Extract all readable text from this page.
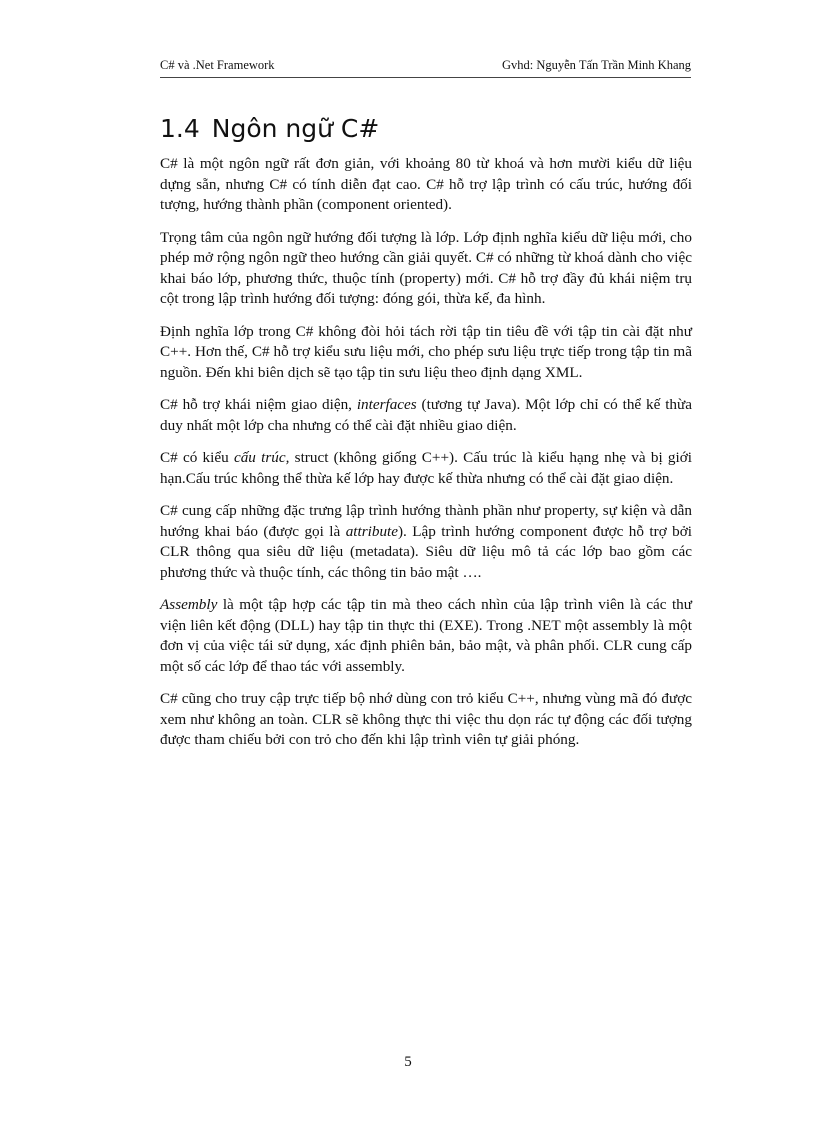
C# và .Net Framework	Gvhd: Nguyễn Tấn Trần Minh Khang
1.4 Ngôn ngữ C#

C# là một ngôn ngữ rất đơn giản, với khoảng 80 từ khoá và hơn mười kiểu dữ liệu dựng sẵn, nhưng C# có tính diễn đạt cao. C# hỗ trợ lập trình có cấu trúc, hướng đối tượng, hướng thành phần (component oriented).

Trọng tâm của ngôn ngữ hướng đối tượng là lớp. Lớp định nghĩa kiểu dữ liệu mới, cho phép mở rộng ngôn ngữ theo hướng cần giải quyết. C# có những từ khoá dành cho việc khai báo lớp, phương thức, thuộc tính (property) mới. C# hỗ trợ đầy đủ khái niệm trụ cột trong lập trình hướng đối tượng: đóng gói, thừa kế, đa hình.

Định nghĩa lớp trong C# không đòi hỏi tách rời tập tin tiêu đề với tập tin cài đặt như C++. Hơn thế, C# hỗ trợ kiểu sưu liệu mới, cho phép sưu liệu trực tiếp trong tập tin mã nguồn. Đến khi biên dịch sẽ tạo tập tin sưu liệu theo định dạng XML.

C# hỗ trợ khái niệm giao diện, interfaces (tương tự Java). Một lớp chỉ có thể kế thừa duy nhất một lớp cha nhưng có thể cài đặt nhiều giao diện.

C# có kiểu cấu trúc, struct (không giống C++). Cấu trúc là kiểu hạng nhẹ và bị giới hạn.Cấu trúc không thể thừa kế lớp hay được kế thừa nhưng có thể cài đặt giao diện.

C# cung cấp những đặc trưng lập trình hướng thành phần như property, sự kiện và dẫn hướng khai báo (được gọi là attribute). Lập trình hướng component được hỗ trợ bởi CLR thông qua siêu dữ liệu (metadata). Siêu dữ liệu mô tả các lớp bao gồm các phương thức và thuộc tính, các thông tin bảo mật ….

Assembly là một tập hợp các tập tin mà theo cách nhìn của lập trình viên là các thư viện liên kết động (DLL) hay tập tin thực thi (EXE). Trong .NET một assembly là một đơn vị của việc tái sử dụng, xác định phiên bản, bảo mật, và phân phối. CLR cung cấp một số các lớp để thao tác với assembly.

C# cũng cho truy cập trực tiếp bộ nhớ dùng con trỏ kiểu C++, nhưng vùng mã đó được xem như không an toàn. CLR sẽ không thực thi việc thu dọn rác tự động các đối tượng được tham chiếu bởi con trỏ cho đến khi lập trình viên tự giải phóng.

5
